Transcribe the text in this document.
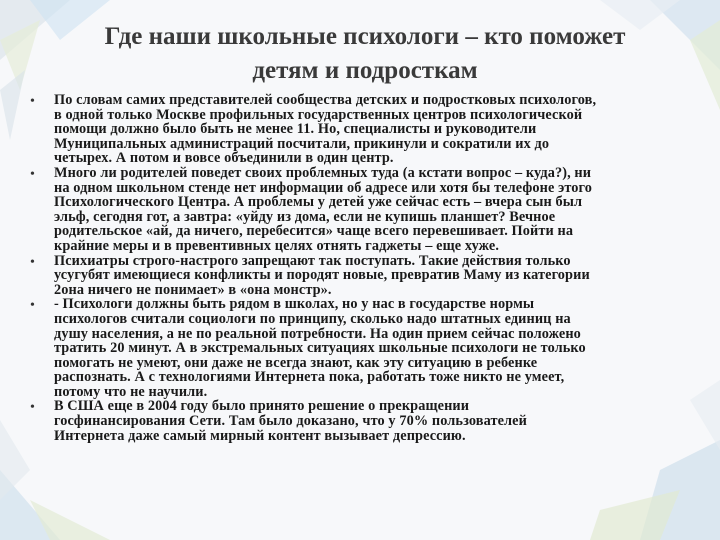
Где наши школьные психологи – кто поможет
детям и подросткам
• По словам самих представителей сообщества детских и подростковых психологов,

в одной только Москве профильных государственных центров психологической

помощи должно было быть не менее 11. Но, специалисты и руководители

Муниципальных администраций посчитали, прикинули и сократили их до

четырех. А потом и вовсе объединили в один центр.

• Много ли родителей поведет своих проблемных туда (а кстати вопрос – куда?), ни

на одном школьном стенде нет информации об адресе или хотя бы телефоне этого

Психологического Центра. А проблемы у детей уже сейчас есть – вчера сын был

эльф, сегодня гот, а завтра: «уйду из дома, если не купишь планшет? Вечное

родительское «ай, да ничего, перебесится» чаще всего перевешивает. Пойти на

крайние меры и в превентивных целях отнять гаджеты – еще хуже.

• Психиатры строго-настрого запрещают так поступать. Такие действия только

усугубят имеющиеся конфликты и породят новые, превратив Маму из категории

2она ничего не понимает» в «она монстр».

• - Психологи должны быть рядом в школах, но у нас в государстве нормы

психологов считали социологи по принципу, сколько надо штатных единиц на

душу населения, а не по реальной потребности. На один прием сейчас положено

тратить 20 минут. А в экстремальных ситуациях школьные психологи не только

помогать не умеют, они даже не всегда знают, как эту ситуацию в ребенке

распознать. А с технологиями Интернета пока, работать тоже никто не умеет,

потому что не научили.

• В США еще в 2004 году было принято решение о прекращении

госфинансирования Сети. Там было доказано, что у 70% пользователей

Интернета даже самый мирный контент вызывает депрессию.
